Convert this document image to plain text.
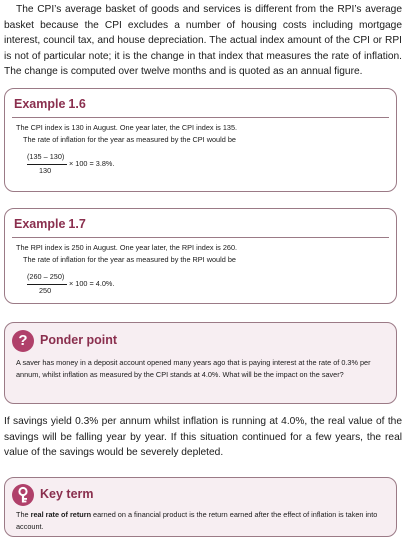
The CPI’s average basket of goods and services is different from the RPI’s average basket because the CPI excludes a number of housing costs including mortgage interest, council tax, and house depreciation. The actual index amount of the CPI or RPI is not of particular note; it is the change in that index that measures the rate of inflation. The change is computed over twelve months and is quoted as an annual figure.

Example 1.6
The CPI index is 130 in August. One year later, the CPI index is 135.
The rate of inflation for the year as measured by the CPI would be
(135 – 130)
130
× 100 = 3.8%.
Example 1.7
The RPI index is 250 in August. One year later, the RPI index is 260.
The rate of inflation for the year as measured by the RPI would be
(260 – 250)
250
× 100 = 4.0%.
? Ponder point
A saver has money in a deposit account opened many years ago that is paying interest at the rate of 0.3% per annum, whilst inflation as measured by the CPI stands at 4.0%. What will be the impact on the saver?

If savings yield 0.3% per annum whilst inflation is running at 4.0%, the real value of the savings will be falling year by year. If this situation continued for a few years, the real value of the savings would be severely depleted.

Key term
The real rate of return earned on a financial product is the return earned after the effect of inflation is taken into account.
